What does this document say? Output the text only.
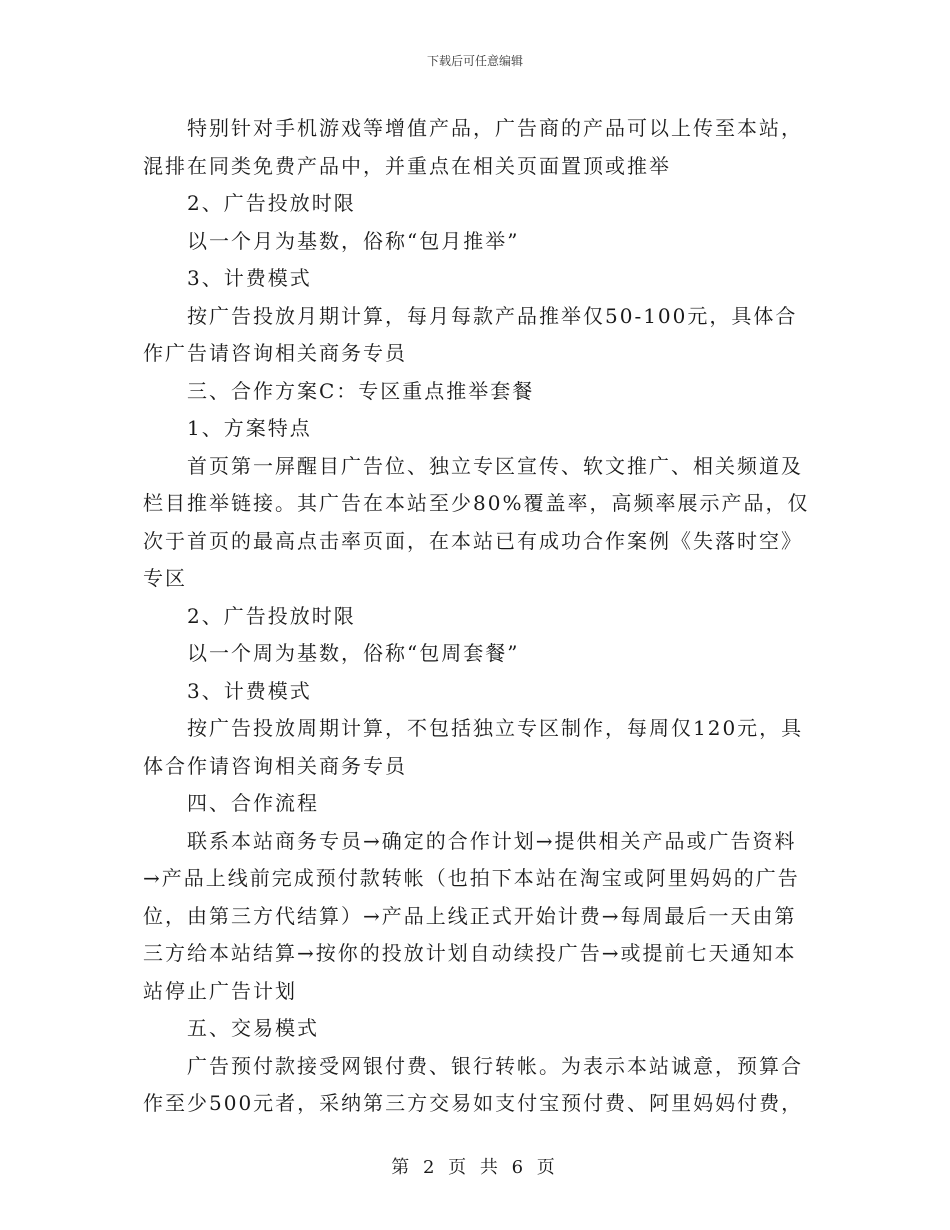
下载后可任意编辑

特别针对手机游戏等增值产品，广告商的产品可以上传至本站，混排在同类免费产品中，并重点在相关页面置顶或推举

2、广告投放时限

以一个月为基数，俗称“包月推举”

3、计费模式

按广告投放月期计算，每月每款产品推举仅50-100元，具体合作广告请咨询相关商务专员

三、合作方案C：专区重点推举套餐

1、方案特点

首页第一屏醒目广告位、独立专区宣传、软文推广、相关频道及栏目推举链接。其广告在本站至少80%覆盖率，高频率展示产品，仅次于首页的最高点击率页面，在本站已有成功合作案例《失落时空》专区

2、广告投放时限

以一个周为基数，俗称“包周套餐”

3、计费模式

按广告投放周期计算，不包括独立专区制作，每周仅120元，具体合作请咨询相关商务专员

四、合作流程

联系本站商务专员→确定的合作计划→提供相关产品或广告资料→产品上线前完成预付款转帐（也拍下本站在淘宝或阿里妈妈的广告位，由第三方代结算）→产品上线正式开始计费→每周最后一天由第三方给本站结算→按你的投放计划自动续投广告→或提前七天通知本站停止广告计划

五、交易模式

广告预付款接受网银付费、银行转帐。为表示本站诚意，预算合作至少500元者，采纳第三方交易如支付宝预付费、阿里妈妈付费，

第 2 页 共 6 页
